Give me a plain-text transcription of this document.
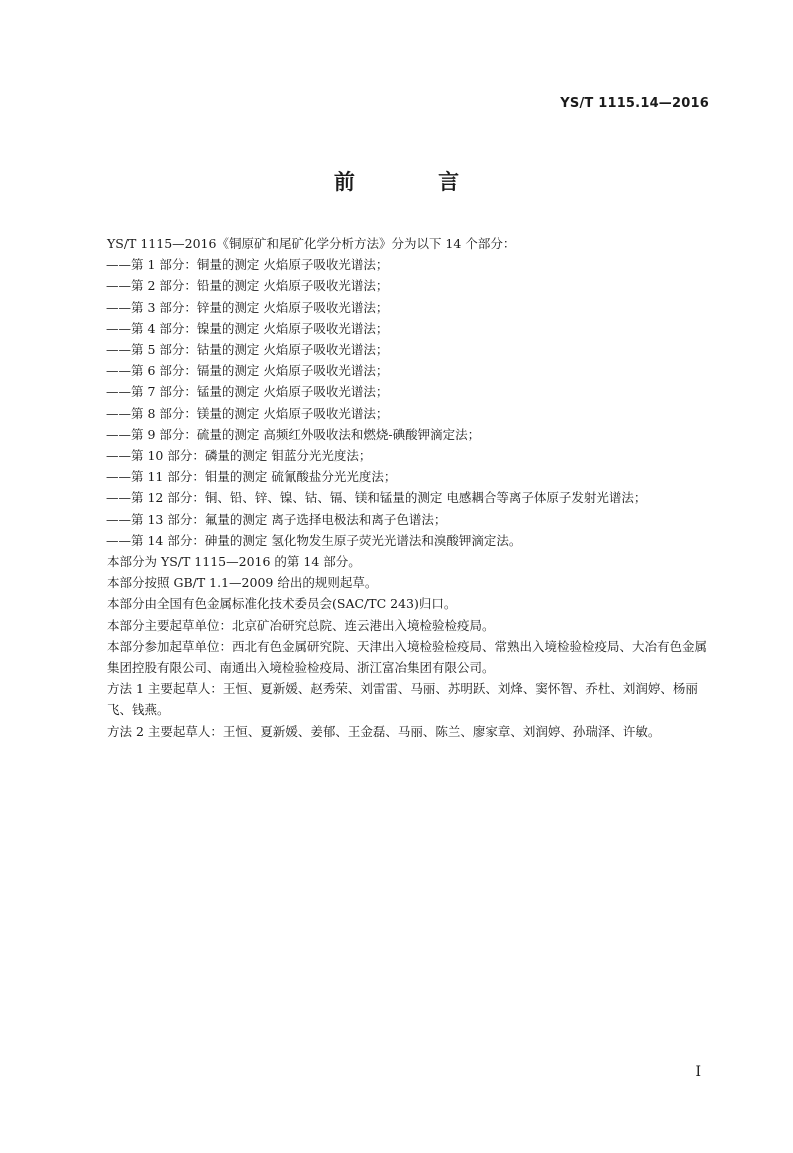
YS/T 1115.14—2016
前 言

YS/T 1115—2016《铜原矿和尾矿化学分析方法》分为以下 14 个部分：

——第 1 部分：铜量的测定 火焰原子吸收光谱法；

——第 2 部分：铅量的测定 火焰原子吸收光谱法；

——第 3 部分：锌量的测定 火焰原子吸收光谱法；

——第 4 部分：镍量的测定 火焰原子吸收光谱法；

——第 5 部分：钴量的测定 火焰原子吸收光谱法；

——第 6 部分：镉量的测定 火焰原子吸收光谱法；

——第 7 部分：锰量的测定 火焰原子吸收光谱法；

——第 8 部分：镁量的测定 火焰原子吸收光谱法；

——第 9 部分：硫量的测定 高频红外吸收法和燃烧-碘酸钾滴定法；

——第 10 部分：磷量的测定 钼蓝分光光度法；

——第 11 部分：钼量的测定 硫氰酸盐分光光度法；

——第 12 部分：铜、铅、锌、镍、钴、镉、镁和锰量的测定 电感耦合等离子体原子发射光谱法；

——第 13 部分：氟量的测定 离子选择电极法和离子色谱法；

——第 14 部分：砷量的测定 氢化物发生原子荧光光谱法和溴酸钾滴定法。

本部分为 YS/T 1115—2016 的第 14 部分。

本部分按照 GB/T 1.1—2009 给出的规则起草。

本部分由全国有色金属标准化技术委员会(SAC/TC 243)归口。

本部分主要起草单位：北京矿冶研究总院、连云港出入境检验检疫局。

本部分参加起草单位：西北有色金属研究院、天津出入境检验检疫局、常熟出入境检验检疫局、大冶有色金属集团控股有限公司、南通出入境检验检疫局、浙江富冶集团有限公司。

方法 1 主要起草人：王恒、夏新媛、赵秀荣、刘雷雷、马丽、苏明跃、刘烽、窦怀智、乔杜、刘润婷、杨丽飞、钱燕。

方法 2 主要起草人：王恒、夏新媛、姜郁、王金磊、马丽、陈兰、廖家章、刘润婷、孙瑞泽、许敏。

I
